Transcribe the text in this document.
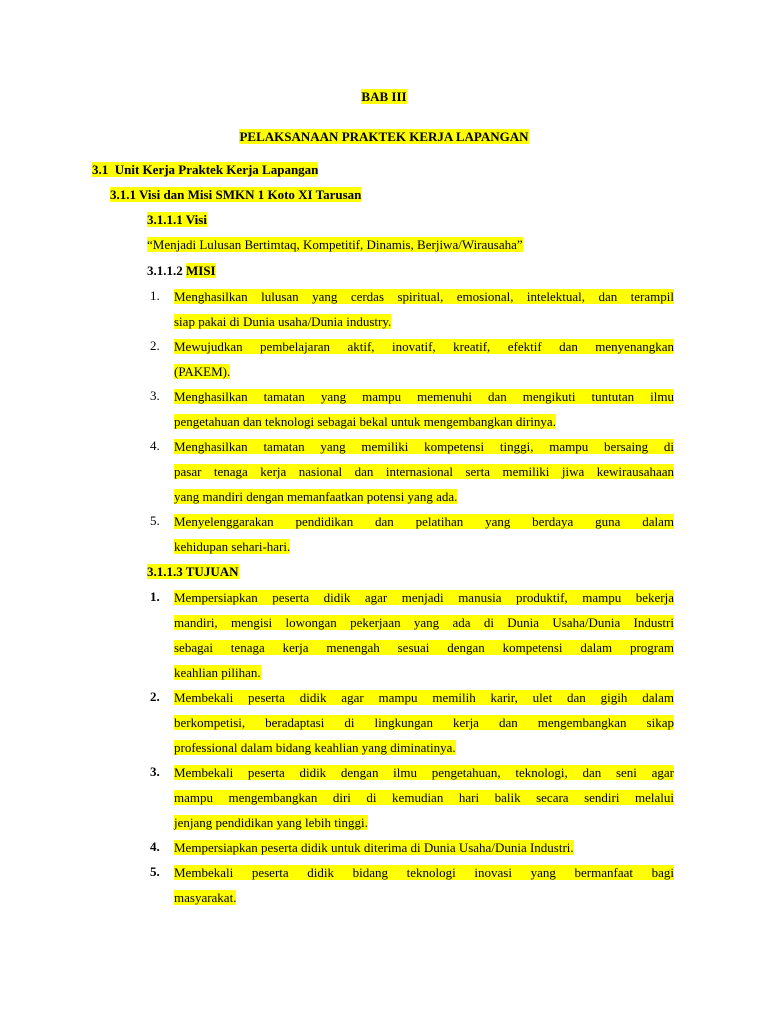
BAB III
PELAKSANAAN PRAKTEK KERJA LAPANGAN
3.1 Unit Kerja Praktek Kerja Lapangan
3.1.1 Visi dan Misi SMKN 1 Koto XI Tarusan
3.1.1.1 Visi
“Menjadi Lulusan Bertimtaq, Kompetitif, Dinamis, Berjiwa/Wirausaha”
3.1.1.2 MISI
1.	Menghasilkan lulusan yang cerdas spiritual, emosional, intelektual, dan terampil
siap pakai di Dunia usaha/Dunia industry.
2.	Mewujudkan pembelajaran aktif, inovatif, kreatif, efektif dan menyenangkan
(PAKEM).
3.	Menghasilkan tamatan yang mampu memenuhi dan mengikuti tuntutan ilmu
pengetahuan dan teknologi sebagai bekal untuk mengembangkan dirinya.
4.	Menghasilkan tamatan yang memiliki kompetensi tinggi, mampu bersaing di
pasar tenaga kerja nasional dan internasional serta memiliki jiwa kewirausahaan
yang mandiri dengan memanfaatkan potensi yang ada.
5.	Menyelenggarakan pendidikan dan pelatihan yang berdaya guna dalam
kehidupan sehari-hari.
3.1.1.3 TUJUAN
1.	Mempersiapkan peserta didik agar menjadi manusia produktif, mampu bekerja
mandiri, mengisi lowongan pekerjaan yang ada di Dunia Usaha/Dunia Industri
sebagai tenaga kerja menengah sesuai dengan kompetensi dalam program
keahlian pilihan.
2.	Membekali peserta didik agar mampu memilih karir, ulet dan gigih dalam
berkompetisi, beradaptasi di lingkungan kerja dan mengembangkan sikap
professional dalam bidang keahlian yang diminatinya.
3.	Membekali peserta didik dengan ilmu pengetahuan, teknologi, dan seni agar
mampu mengembangkan diri di kemudian hari balik secara sendiri melalui
jenjang pendidikan yang lebih tinggi.
4.	Mempersiapkan peserta didik untuk diterima di Dunia Usaha/Dunia Industri.
5.	Membekali peserta didik bidang teknologi inovasi yang bermanfaat bagi
masyarakat.
